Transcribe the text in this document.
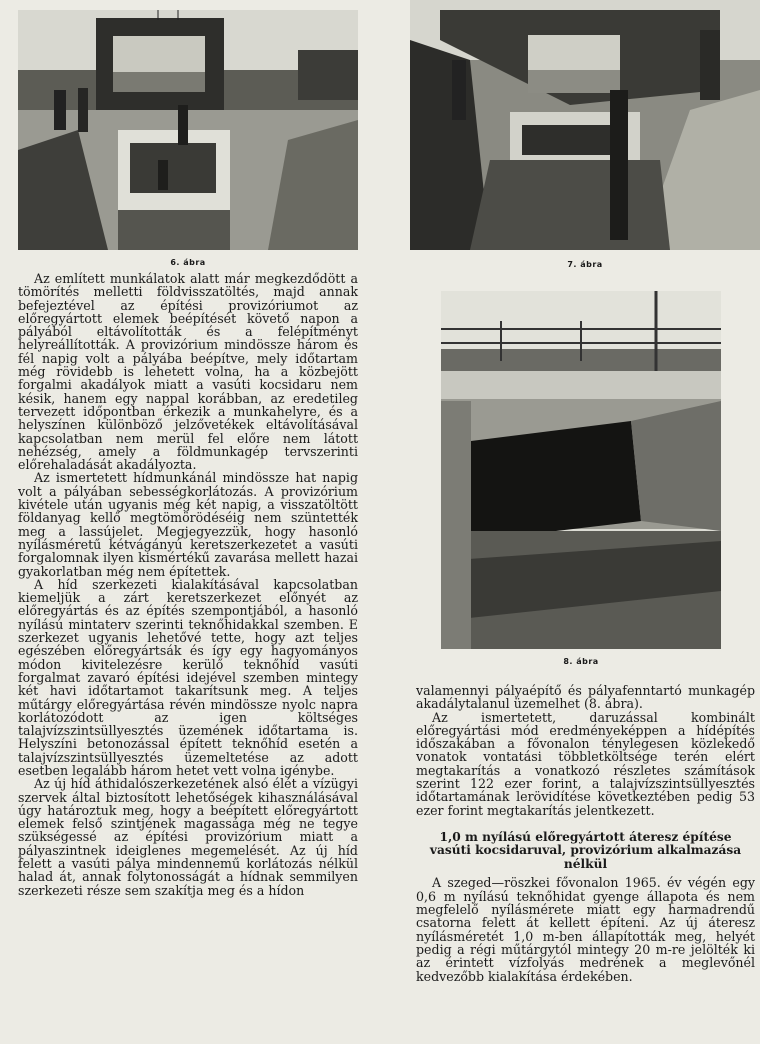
6. ábra	7. ábra
8. ábra

Az említett munkálatok alatt már megkezdődött a tömörítés melletti földvisszatöltés, majd annak befejeztével az építési provizóriumot az előregyártott elemek beépítését követő napon a pályából eltávolították és a felépítményt helyreállították. A provizórium mindössze három és fél napig volt a pályába beépítve, mely időtartam még rövidebb is lehetett volna, ha a közbejött forgalmi akadályok miatt a vasúti kocsidaru nem késik, hanem egy nappal korábban, az eredetileg tervezett időpontban érkezik a munkahelyre, és a helyszínen különböző jelzővetékek eltávolításával kapcsolatban nem merül fel előre nem látott nehézség, amely a földmunkagép tervszerinti előrehaladását akadályozta.

Az ismertetett hídmunkánál mindössze hat napig volt a pályában sebességkorlátozás. A provizórium kivétele után ugyanis még két napig, a visszatöltött földanyag kellő megtömörödéséig nem szüntették meg a lassújelet. Megjegyezzük, hogy hasonló nyílásméretű kétvágányú keretszerkezetet a vasúti forgalomnak ilyen kismértékű zavarása mellett hazai gyakorlatban még nem építettek.

A híd szerkezeti kialakításával kapcsolatban kiemeljük a zárt keretszerkezet előnyét az előregyártás és az építés szempontjából, a hasonló nyílású mintaterv szerinti teknőhidakkal szemben. E szerkezet ugyanis lehetővé tette, hogy azt teljes egészében előregyártsák és így egy hagyományos módon kivitelezésre kerülő teknőhíd vasúti forgalmat zavaró építési idejével szemben mintegy két havi időtartamot takarítsunk meg. A teljes műtárgy előregyártása révén mindössze nyolc napra korlátozódott az igen költséges talajvízszintsüllyesztés üzemének időtartama is. Helyszíni betonozással épített teknőhíd esetén a talajvízszintsüllyesztés üzemeltetése az adott esetben legalább három hetet vett volna igénybe.

Az új híd áthidalószerkezetének alsó élét a vízügyi szervek által biztosított lehetőségek kihasználásával úgy határoztuk meg, hogy a beépített előregyártott elemek felső szintjének magassága még ne tegye szükségessé az építési provizórium miatt a pályaszintnek ideiglenes megemelését. Az új híd felett a vasúti pálya mindennemű korlátozás nélkül halad át, annak folytonosságát a hídnak semmilyen szerkezeti része sem szakítja meg és a hídon

valamennyi pályaépítő és pályafenntartó munkagép akadálytalanul üzemelhet (8. ábra).

Az ismertetett, daruzással kombinált előregyártási mód eredményeképpen a hídépítés időszakában a fővonalon ténylegesen közlekedő vonatok vontatási többletköltsége terén elért megtakarítás a vonatkozó részletes számítások szerint 122 ezer forint, a talajvízszintsüllyesztés időtartamának lerövidítése következtében pedig 53 ezer forint megtakarítás jelentkezett.

1,0 m nyílású előregyártott áteresz építése
vasúti kocsidaruval, provizórium alkalmazása nélkül

A szeged—röszkei fővonalon 1965. év végén egy 0,6 m nyílású teknőhidat gyenge állapota és nem megfelelő nyílásmérete miatt egy harmadrendű csatorna felett át kellett építeni. Az új áteresz nyílásméretét 1,0 m-ben állapították meg, helyét pedig a régi műtárgytól mintegy 20 m-re jelölték ki az érintett vízfolyás medrének a meglevőnél kedvezőbb kialakítása érdekében.
